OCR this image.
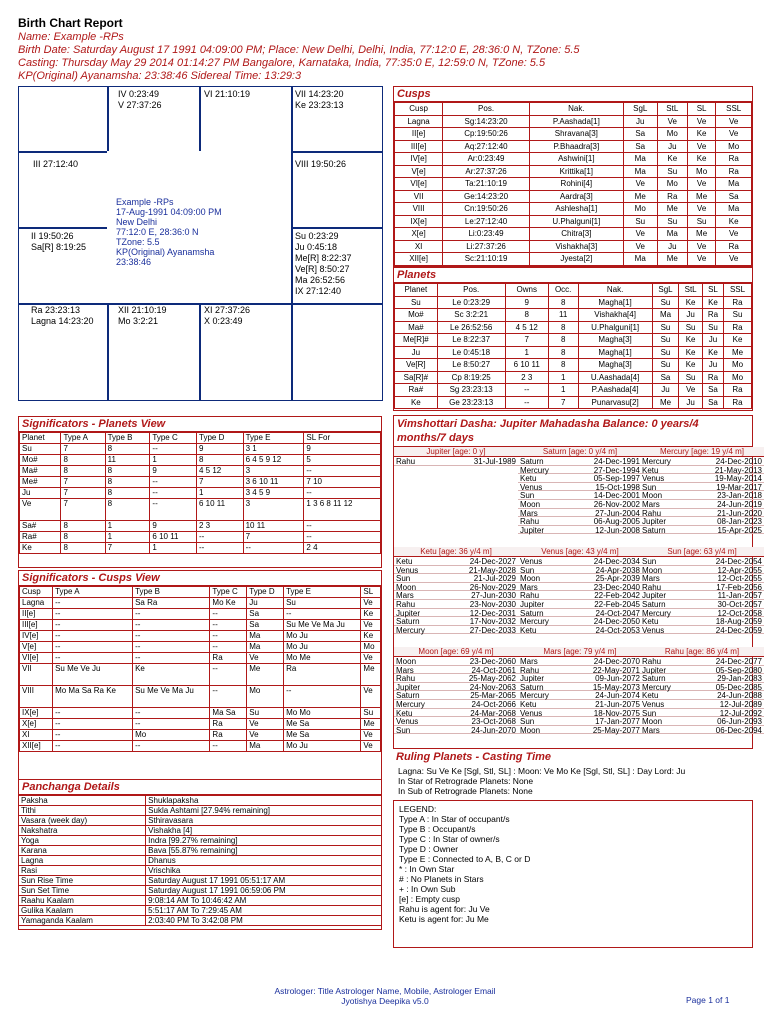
Birth Chart Report
Name: Example -RPs
Birth Date: Saturday August 17 1991 04:09:00 PM; Place: New Delhi, Delhi, India, 77:12:0 E, 28:36:0 N, TZone: 5.5
Casting: Thursday May 29 2014 01:14:27 PM Bangalore, Karnataka, India, 77:35:0 E, 12:59:0 N, TZone: 5.5
KP(Original) Ayanamsha: 23:38:46 Sidereal Time: 13:29:3
IV 0:23:49
V 27:37:26
VI 21:10:19	VII 14:23:20
Ke 23:23:13
III 27:12:40	VIII 19:50:26
II 19:50:26
Sa[R] 8:19:25
Su 0:23:29
Ju 0:45:18
Me[R] 8:22:37
Ve[R] 8:50:27
Ma 26:52:56
IX 27:12:40
Ra 23:23:13
Lagna 14:23:20
XII 21:10:19
Mo 3:2:21
XI 27:37:26
X 0:23:49
Example -RPs
17-Aug-1991 04:09:00 PM
New Delhi
77:12:0 E, 28:36:0 N
TZone: 5.5
KP(Original) Ayanamsha
23:38:46
Cusps
Cusp	Pos.	Nak.	SgL	StL	SL	SSL
Lagna	Sg:14:23:20	P.Aashada[1]	Ju	Ve	Ve	Ve
II[e]	Cp:19:50:26	Shravana[3]	Sa	Mo	Ke	Ve
III[e]	Aq:27:12:40	P.Bhaadra[3]	Sa	Ju	Ve	Mo
IV[e]	Ar:0:23:49	Ashwini[1]	Ma	Ke	Ke	Ra
V[e]	Ar:27:37:26	Krittika[1]	Ma	Su	Mo	Ra
VI[e]	Ta:21:10:19	Rohini[4]	Ve	Mo	Ve	Ma
VII	Ge:14:23:20	Aardra[3]	Me	Ra	Me	Sa
VIII	Cn:19:50:26	Ashlesha[1]	Mo	Me	Ve	Ma
IX[e]	Le:27:12:40	U.Phalguni[1]	Su	Su	Su	Ke
X[e]	Li:0:23:49	Chitra[3]	Ve	Ma	Me	Ve
XI	Li:27:37:26	Vishakha[3]	Ve	Ju	Ve	Ra
XII[e]	Sc:21:10:19	Jyesta[2]	Ma	Me	Ve	Ve
Planets
Planet	Pos.	Owns	Occ.	Nak.	SgL	StL	SL	SSL
Su	Le 0:23:29	9	8	Magha[1]	Su	Ke	Ke	Ra
Mo#	Sc 3:2:21	8	11	Vishakha[4]	Ma	Ju	Ra	Su
Ma#	Le 26:52:56	4 5 12	8	U.Phalguni[1]	Su	Su	Su	Ra
Me[R]#	Le 8:22:37	7	8	Magha[3]	Su	Ke	Ju	Ke
Ju	Le 0:45:18	1	8	Magha[1]	Su	Ke	Ke	Me
Ve[R]	Le 8:50:27	6 10 11	8	Magha[3]	Su	Ke	Ju	Mo
Sa[R]#	Cp 8:19:25	2 3	1	U.Aashada[4]	Sa	Su	Ra	Mo
Ra#	Sg 23:23:13	--	1	P.Aashada[4]	Ju	Ve	Sa	Ra
Ke	Ge 23:23:13	--	7	Punarvasu[2]	Me	Ju	Sa	Ra
Significators - Planets View
Planet	Type A	Type B	Type C	Type D	Type E	SL For
Su	7	8	--	9	3 1	9
Mo#	8	11	1	8	6 4 5 9 12	5
Ma#	8	8	9	4 5 12	3	--
Me#	7	8	--	7	3 6 10 11	7 10
Ju	7	8	--	1	3 4 5 9	--
Ve	7	8	--	6 10 11	3	1 3 6 8 11 12
Sa#	8	1	9	2 3	10 11	--
Ra#	8	1	6 10 11	--	7	--
Ke	8	7	1	--	--	2 4
Significators - Cusps View
Cusp	Type A	Type B	Type C	Type D	Type E	SL
Lagna	--	Sa Ra	Mo Ke	Ju	Su	Ve
II[e]	--	--	--	Sa	--	Ke
III[e]	--	--	--	Sa	Su Me Ve Ma Ju	Ve
IV[e]	--	--	--	Ma	Mo Ju	Ke
V[e]	--	--	--	Ma	Mo Ju	Mo
VI[e]	--	--	Ra	Ve	Mo Me	Ve
VII	Su Me Ve Ju	Ke	--	Me	Ra	Me
VIII	Mo Ma Sa Ra Ke	Su Me Ve Ma Ju	--	Mo	--	Ve
IX[e]	--	--	Ma Sa	Su	Mo Mo	Su
X[e]	--	--	Ra	Ve	Me Sa	Me
XI	--	Mo	Ra	Ve	Me Sa	Ve
XII[e]	--	--	--	Ma	Mo Ju	Ve
Panchanga Details
Paksha	Shuklapaksha
Tithi	Sukla Ashtami [27.94% remaining]
Vasara (week day)	Sthiravasara
Nakshatra	Vishakha [4]
Yoga	Indra [99.27% remaining]
Karana	Bava [55.87% remaining]
Lagna	Dhanus
Rasi	Vrischika
Sun Rise Time	Saturday August 17 1991 05:51:17 AM
Sun Set Time	Saturday August 17 1991 06:59:06 PM
Raahu Kaalam	9:08:14 AM To 10:46:42 AM
Gulika Kaalam	5:51:17 AM To 7:29:45 AM
Yamaganda Kaalam	2:03:40 PM To 3:42:08 PM
Vimshottari Dasha: Jupiter Mahadasha Balance: 0 years/4 months/7 days
Jupiter [age: 0 y]
Rahu	31-Jul-1989
Saturn [age: 0 y/4 m]
Saturn	24-Dec-1991
Mercury	27-Dec-1994
Ketu	05-Sep-1997
Venus	15-Oct-1998
Sun	14-Dec-2001
Moon	26-Nov-2002
Mars	27-Jun-2004
Rahu	06-Aug-2005
Jupiter	12-Jun-2008
Mercury [age: 19 y/4 m]
Mercury	24-Dec-2010
Ketu	21-May-2013
Venus	19-May-2014
Sun	19-Mar-2017
Moon	23-Jan-2018
Mars	24-Jun-2019
Rahu	21-Jun-2020
Jupiter	08-Jan-2023
Saturn	15-Apr-2025
Ketu [age: 36 y/4 m]
Ketu	24-Dec-2027
Venus	21-May-2028
Sun	21-Jul-2029
Moon	26-Nov-2029
Mars	27-Jun-2030
Rahu	23-Nov-2030
Jupiter	12-Dec-2031
Saturn	17-Nov-2032
Mercury	27-Dec-2033
Venus [age: 43 y/4 m]
Venus	24-Dec-2034
Sun	24-Apr-2038
Moon	25-Apr-2039
Mars	23-Dec-2040
Rahu	22-Feb-2042
Jupiter	22-Feb-2045
Saturn	24-Oct-2047
Mercury	24-Dec-2050
Ketu	24-Oct-2053
Sun [age: 63 y/4 m]
Sun	24-Dec-2054
Moon	12-Apr-2055
Mars	12-Oct-2055
Rahu	17-Feb-2056
Jupiter	11-Jan-2057
Saturn	30-Oct-2057
Mercury	12-Oct-2058
Ketu	18-Aug-2059
Venus	24-Dec-2059
Moon [age: 69 y/4 m]
Moon	23-Dec-2060
Mars	24-Oct-2061
Rahu	25-May-2062
Jupiter	24-Nov-2063
Saturn	25-Mar-2065
Mercury	24-Oct-2066
Ketu	24-Mar-2068
Venus	23-Oct-2068
Sun	24-Jun-2070
Mars [age: 79 y/4 m]
Mars	24-Dec-2070
Rahu	22-May-2071
Jupiter	09-Jun-2072
Saturn	15-May-2073
Mercury	24-Jun-2074
Ketu	21-Jun-2075
Venus	18-Nov-2075
Sun	17-Jan-2077
Moon	25-May-2077
Rahu [age: 86 y/4 m]
Rahu	24-Dec-2077
Jupiter	05-Sep-2080
Saturn	29-Jan-2083
Mercury	05-Dec-2085
Ketu	24-Jun-2088
Venus	12-Jul-2089
Sun	12-Jul-2092
Moon	06-Jun-2093
Mars	06-Dec-2094
Ruling Planets - Casting Time
Lagna: Su Ve Ke [Sgl, Stl, SL] : Moon: Ve Mo Ke [Sgl, Stl, SL] : Day Lord: Ju
In Star of Retrograde Planets: None
In Sub of Retrograde Planets: None
LEGEND:
Type A : In Star of occupant/s
Type B : Occupant/s
Type C : In Star of owner/s
Type D : Owner
Type E : Connected to A, B, C or D
* : In Own Star
# : No Planets in Stars
+ : In Own Sub
[e] : Empty cusp
Rahu is agent for: Ju Ve
Ketu is agent for: Ju Me
Astrologer: Title Astrologer Name, Mobile, Astrologer Email
Jyotishya Deepika v5.0	Page 1 of 1
